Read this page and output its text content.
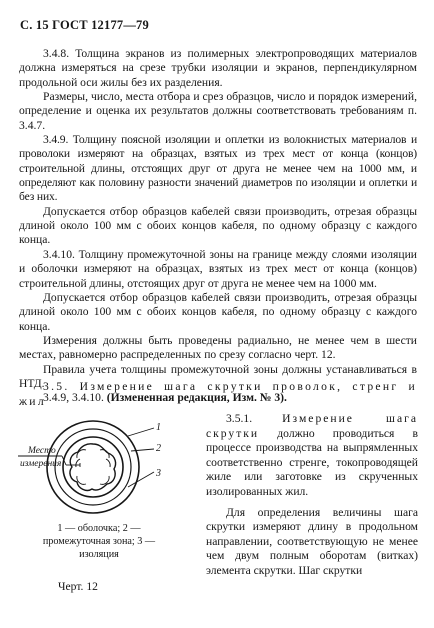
С. 15 ГОСТ 12177—79

3.4.8. Толщина экранов из полимерных электропроводящих материалов должна измеряться на срезе трубки изоляции и экранов, перпендикулярном продольной оси жилы без их разделения.

Размеры, число, места отбора и срез образцов, число и порядок измерений, определение и оценка их результатов должны соответствовать требованиям п. 3.4.7.

3.4.9. Толщину поясной изоляции и оплетки из волокнистых материалов и проволоки измеряют на образцах, взятых из трех мест от конца (концов) строительной длины, отстоящих друг от друга не менее чем на 1000 мм, и определяют как половину разности значений диаметров по изоляции и оплетки и без них.

Допускается отбор образцов кабелей связи производить, отрезая образцы длиной около 100 мм с обоих концов кабеля, по одному образцу с каждого конца.

3.4.10. Толщину промежуточной зоны на границе между слоями изоляции и оболочки измеряют на образцах, взятых из трех мест от конца (концов) строительной длины, отстоящих друг от друга не менее чем на 1000 мм.

Допускается отбор образцов кабелей связи производить, отрезая образцы длиной около 100 мм с обоих концов кабеля, по одному образцу с каждого конца.

Измерения должны быть проведены радиально, не менее чем в шести местах, равномерно распределенных по срезу согласно черт. 12.

Правила учета толщины промежуточной зоны должны устанавливаться в НТД.

3.4.9, 3.4.10. (Измененная редакция, Изм. № 3).

3.5. Измерение шага скрутки проволок, стренг и жил
Место
измерения
1
2
3
1 — оболочка; 2 — промежуточная зона; 3 — изоляция
Черт. 12

3.5.1.	Измерение шага скрутки должно проводиться в процессе производства на выпрямленных соответственно стренге, токопроводящей жиле или заготовке из скрученных изолированных жил.

Для определения величины шага скрутки измеряют длину в продольном направлении, соответствующую не менее чем двум полным оборотам (витках) элемента скрутки. Шаг скрутки
